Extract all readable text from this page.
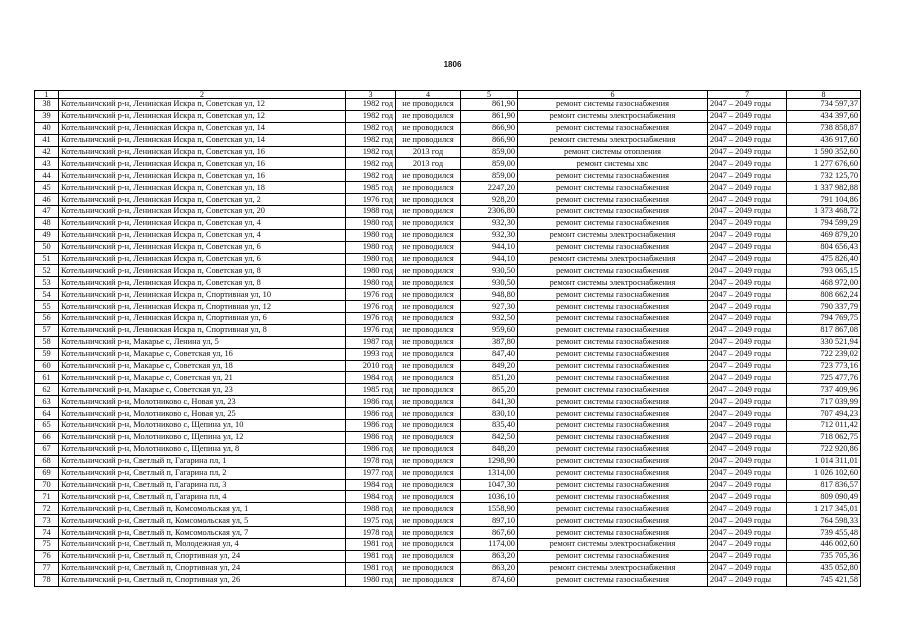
1806
1	2	3	4	5	6	7	8
38	Котельничский р-н, Ленинская Искра п, Советская ул, 12	1982 год	не проводился	861,90	ремонт системы газоснабжения	2047 – 2049 годы	734 597,37
39	Котельничский р-н, Ленинская Искра п, Советская ул, 12	1982 год	не проводился	861,90	ремонт системы электроснабжения	2047 – 2049 годы	434 397,60
40	Котельничский р-н, Ленинская Искра п, Советская ул, 14	1982 год	не проводился	866,90	ремонт системы газоснабжения	2047 – 2049 годы	738 858,87
41	Котельничский р-н, Ленинская Искра п, Советская ул, 14	1982 год	не проводился	866,90	ремонт системы электроснабжения	2047 – 2049 годы	436 917,60
42	Котельничский р-н, Ленинская Искра п, Советская ул, 16	1982 год	2013 год	859,00	ремонт системы отопления	2047 – 2049 годы	1 590 352,60
43	Котельничский р-н, Ленинская Искра п, Советская ул, 16	1982 год	2013 год	859,00	ремонт системы хвс	2047 – 2049 годы	1 277 676,60
44	Котельничский р-н, Ленинская Искра п, Советская ул, 16	1982 год	не проводился	859,00	ремонт системы газоснабжения	2047 – 2049 годы	732 125,70
45	Котельничский р-н, Ленинская Искра п, Советская ул, 18	1985 год	не проводился	2247,20	ремонт системы газоснабжения	2047 – 2049 годы	1 337 982,88
46	Котельничский р-н, Ленинская Искра п, Советская ул, 2	1976 год	не проводился	928,20	ремонт системы газоснабжения	2047 – 2049 годы	791 104,86
47	Котельничский р-н, Ленинская Искра п, Советская ул, 20	1988 год	не проводился	2306,80	ремонт системы газоснабжения	2047 – 2049 годы	1 373 468,72
48	Котельничский р-н, Ленинская Искра п, Советская ул, 4	1980 год	не проводился	932,30	ремонт системы газоснабжения	2047 – 2049 годы	794 599,29
49	Котельничский р-н, Ленинская Искра п, Советская ул, 4	1980 год	не проводился	932,30	ремонт системы электроснабжения	2047 – 2049 годы	469 879,20
50	Котельничский р-н, Ленинская Искра п, Советская ул, 6	1980 год	не проводился	944,10	ремонт системы газоснабжения	2047 – 2049 годы	804 656,43
51	Котельничский р-н, Ленинская Искра п, Советская ул, 6	1980 год	не проводился	944,10	ремонт системы электроснабжения	2047 – 2049 годы	475 826,40
52	Котельничский р-н, Ленинская Искра п, Советская ул, 8	1980 год	не проводился	930,50	ремонт системы газоснабжения	2047 – 2049 годы	793 065,15
53	Котельничский р-н, Ленинская Искра п, Советская ул, 8	1980 год	не проводился	930,50	ремонт системы электроснабжения	2047 – 2049 годы	468 972,00
54	Котельничский р-н, Ленинская Искра п, Спортивная ул, 10	1976 год	не проводился	948,80	ремонт системы газоснабжения	2047 – 2049 годы	808 662,24
55	Котельничский р-н, Ленинская Искра п, Спортивная ул, 12	1976 год	не проводился	927,30	ремонт системы газоснабжения	2047 – 2049 годы	790 337,79
56	Котельничский р-н, Ленинская Искра п, Спортивная ул, 6	1976 год	не проводился	932,50	ремонт системы газоснабжения	2047 – 2049 годы	794 769,75
57	Котельничский р-н, Ленинская Искра п, Спортивная ул, 8	1976 год	не проводился	959,60	ремонт системы газоснабжения	2047 – 2049 годы	817 867,08
58	Котельничский р-н, Макарье с, Ленина ул, 5	1987 год	не проводился	387,80	ремонт системы газоснабжения	2047 – 2049 годы	330 521,94
59	Котельничский р-н, Макарье с, Советская ул, 16	1993 год	не проводился	847,40	ремонт системы газоснабжения	2047 – 2049 годы	722 239,02
60	Котельничский р-н, Макарье с, Советская ул, 18	2010 год	не проводился	849,20	ремонт системы газоснабжения	2047 – 2049 годы	723 773,16
61	Котельничский р-н, Макарье с, Советская ул, 21	1984 год	не проводился	851,20	ремонт системы газоснабжения	2047 – 2049 годы	725 477,76
62	Котельничский р-н, Макарье с, Советская ул, 23	1985 год	не проводился	865,20	ремонт системы газоснабжения	2047 – 2049 годы	737 409,96
63	Котельничский р-н, Молотниково с, Новая ул, 23	1986 год	не проводился	841,30	ремонт системы газоснабжения	2047 – 2049 годы	717 039,99
64	Котельничский р-н, Молотниково с, Новая ул, 25	1986 год	не проводился	830,10	ремонт системы газоснабжения	2047 – 2049 годы	707 494,23
65	Котельничский р-н, Молотниково с, Щепина ул, 10	1986 год	не проводился	835,40	ремонт системы газоснабжения	2047 – 2049 годы	712 011,42
66	Котельничский р-н, Молотниково с, Щепина ул, 12	1986 год	не проводился	842,50	ремонт системы газоснабжения	2047 – 2049 годы	718 062,75
67	Котельничский р-н, Молотниково с, Щепина ул, 8	1986 год	не проводился	848,20	ремонт системы газоснабжения	2047 – 2049 годы	722 920,86
68	Котельничский р-н, Светлый п, Гагарина пл, 1	1978 год	не проводился	1298,90	ремонт системы газоснабжения	2047 – 2049 годы	1 014 311,01
69	Котельничский р-н, Светлый п, Гагарина пл, 2	1977 год	не проводился	1314,00	ремонт системы газоснабжения	2047 – 2049 годы	1 026 102,60
70	Котельничский р-н, Светлый п, Гагарина пл, 3	1984 год	не проводился	1047,30	ремонт системы газоснабжения	2047 – 2049 годы	817 836,57
71	Котельничский р-н, Светлый п, Гагарина пл, 4	1984 год	не проводился	1036,10	ремонт системы газоснабжения	2047 – 2049 годы	809 090,49
72	Котельничский р-н, Светлый п, Комсомольская ул, 1	1988 год	не проводился	1558,90	ремонт системы газоснабжения	2047 – 2049 годы	1 217 345,01
73	Котельничский р-н, Светлый п, Комсомольская ул, 5	1975 год	не проводился	897,10	ремонт системы газоснабжения	2047 – 2049 годы	764 598,33
74	Котельничский р-н, Светлый п, Комсомольская ул, 7	1978 год	не проводился	867,60	ремонт системы газоснабжения	2047 – 2049 годы	739 455,48
75	Котельничский р-н, Светлый п, Молодежная ул, 4	1981 год	не проводился	1174,00	ремонт системы электроснабжения	2047 – 2049 годы	446 002,60
76	Котельничский р-н, Светлый п, Спортивная ул, 24	1981 год	не проводился	863,20	ремонт системы газоснабжения	2047 – 2049 годы	735 705,36
77	Котельничский р-н, Светлый п, Спортивная ул, 24	1981 год	не проводился	863,20	ремонт системы электроснабжения	2047 – 2049 годы	435 052,80
78	Котельничский р-н, Светлый п, Спортивная ул, 26	1980 год	не проводился	874,60	ремонт системы газоснабжения	2047 – 2049 годы	745 421,58
